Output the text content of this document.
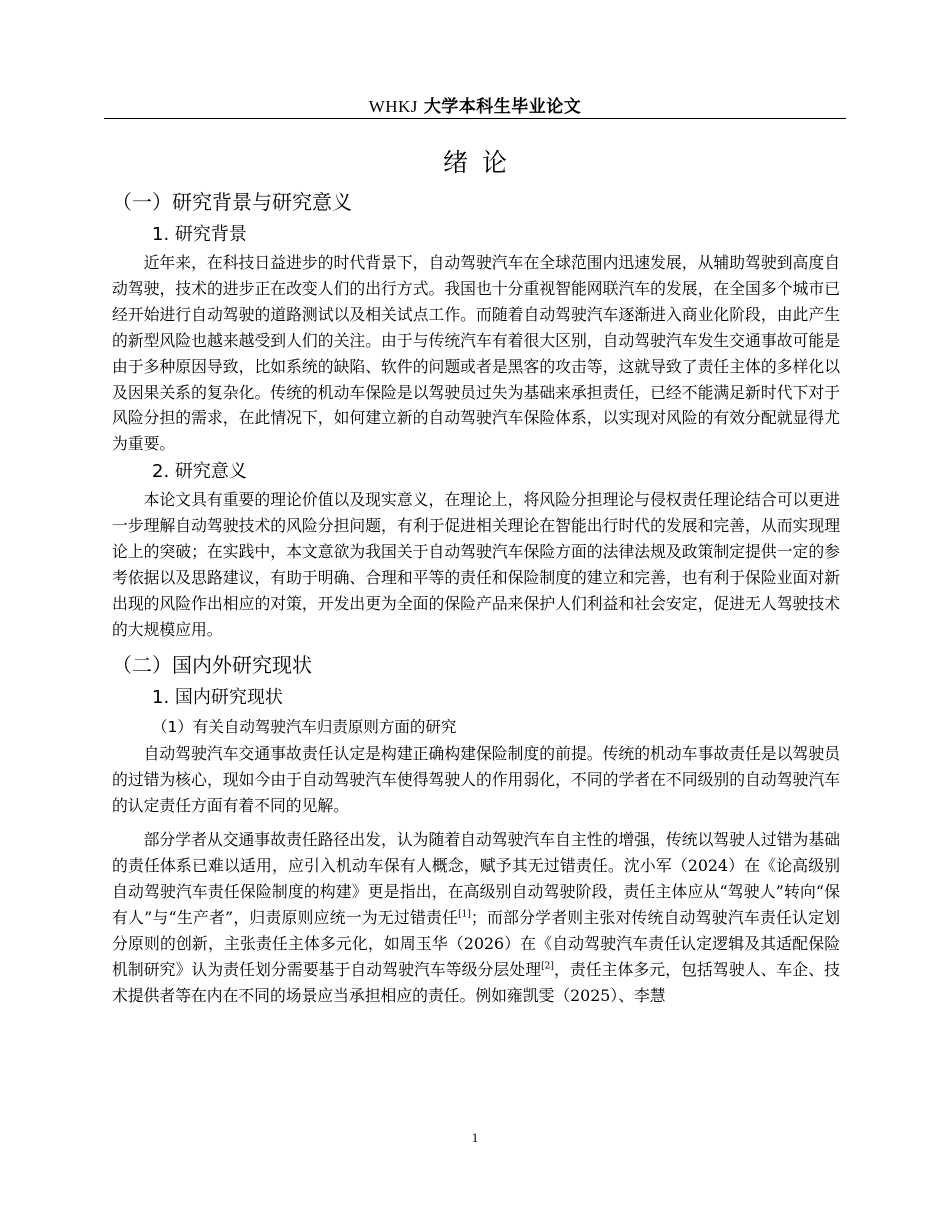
WHKJ 大学本科生毕业论文
绪论
（一）研究背景与研究意义
1. 研究背景

近年来，在科技日益进步的时代背景下，自动驾驶汽车在全球范围内迅速发展，从辅助驾驶到高度自动驾驶，技术的进步正在改变人们的出行方式。我国也十分重视智能网联汽车的发展，在全国多个城市已经开始进行自动驾驶的道路测试以及相关试点工作。而随着自动驾驶汽车逐渐进入商业化阶段，由此产生的新型风险也越来越受到人们的关注。由于与传统汽车有着很大区别，自动驾驶汽车发生交通事故可能是由于多种原因导致，比如系统的缺陷、软件的问题或者是黑客的攻击等，这就导致了责任主体的多样化以及因果关系的复杂化。传统的机动车保险是以驾驶员过失为基础来承担责任，已经不能满足新时代下对于风险分担的需求，在此情况下，如何建立新的自动驾驶汽车保险体系，以实现对风险的有效分配就显得尤为重要。

2. 研究意义

本论文具有重要的理论价值以及现实意义，在理论上，将风险分担理论与侵权责任理论结合可以更进一步理解自动驾驶技术的风险分担问题，有利于促进相关理论在智能出行时代的发展和完善，从而实现理论上的突破；在实践中，本文意欲为我国关于自动驾驶汽车保险方面的法律法规及政策制定提供一定的参考依据以及思路建议，有助于明确、合理和平等的责任和保险制度的建立和完善，也有利于保险业面对新出现的风险作出相应的对策，开发出更为全面的保险产品来保护人们利益和社会安定，促进无人驾驶技术的大规模应用。

（二）国内外研究现状
1. 国内研究现状
（1）有关自动驾驶汽车归责原则方面的研究

自动驾驶汽车交通事故责任认定是构建正确构建保险制度的前提。传统的机动车事故责任是以驾驶员的过错为核心，现如今由于自动驾驶汽车使得驾驶人的作用弱化，不同的学者在不同级别的自动驾驶汽车的认定责任方面有着不同的见解。

部分学者从交通事故责任路径出发，认为随着自动驾驶汽车自主性的增强，传统以驾驶人过错为基础的责任体系已难以适用，应引入机动车保有人概念，赋予其无过错责任。沈小军（2024）在《论高级别自动驾驶汽车责任保险制度的构建》更是指出，在高级别自动驾驶阶段，责任主体应从“驾驶人”转向“保有人”与“生产者”，归责原则应统一为无过错责任[1]；而部分学者则主张对传统自动驾驶汽车责任认定划分原则的创新，主张责任主体多元化，如周玉华（2026）在《自动驾驶汽车责任认定逻辑及其适配保险机制研究》认为责任划分需要基于自动驾驶汽车等级分层处理[2]，责任主体多元，包括驾驶人、车企、技术提供者等在内在不同的场景应当承担相应的责任。例如雍凯雯（2025）、李慧

1
